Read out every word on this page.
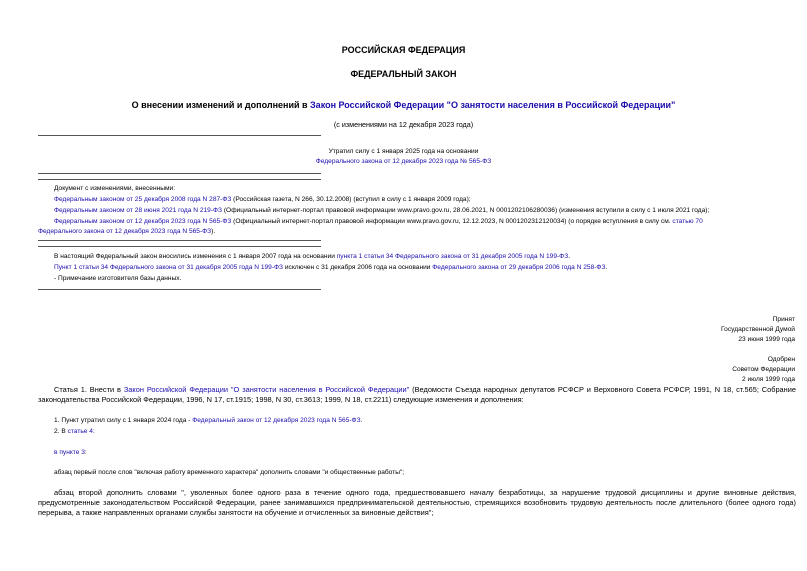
РОССИЙСКАЯ ФЕДЕРАЦИЯ
ФЕДЕРАЛЬНЫЙ ЗАКОН
О внесении изменений и дополнений в Закон Российской Федерации "О занятости населения в Российской Федерации"
(с изменениями на 12 декабря 2023 года)
Утратил силу с 1 января 2025 года на основании
Федерального закона от 12 декабря 2023 года № 565-ФЗ
Документ с изменениями, внесенными:
Федеральным законом от 25 декабря 2008 года N 287-ФЗ (Российская газета, N 266, 30.12.2008) (вступил в силу с 1 января 2009 года);
Федеральным законом от 28 июня 2021 года N 219-ФЗ (Официальный интернет-портал правовой информации www.pravo.gov.ru, 28.06.2021, N 0001202106280036) (изменения вступили в силу с 1 июля 2021 года);
Федеральным законом от 12 декабря 2023 года N 565-ФЗ (Официальный интернет-портал правовой информации www.pravo.gov.ru, 12.12.2023, N 0001202312120034) (о порядке вступления в силу см. статью 70
Федерального закона от 12 декабря 2023 года N 565-ФЗ).
В настоящий Федеральный закон вносились изменения с 1 января 2007 года на основании пункта 1 статьи 34 Федерального закона от 31 декабря 2005 года N 199-ФЗ.
Пункт 1 статьи 34 Федерального закона от 31 декабря 2005 года N 199-ФЗ исключен с 31 декабря 2006 года на основании Федерального закона от 29 декабря 2006 года N 258-ФЗ.
- Примечание изготовителя базы данных.
Принят
Государственной Думой
23 июня 1999 года
Одобрен
Советом Федерации
2 июля 1999 года
Статья 1. Внести в Закон Российской Федерации "О занятости населения в Российской Федерации" (Ведомости Съезда народных депутатов РСФСР и Верховного Совета РСФСР, 1991, N 18, ст.565; Собрание законодательства Российской Федерации, 1996, N 17, ст.1915; 1998, N 30, ст.3613; 1999, N 18, ст.2211) следующие изменения и дополнения:
1. Пункт утратил силу с 1 января 2024 года - Федеральный закон от 12 декабря 2023 года N 565-ФЗ.
2. В статье 4:
в пункте 3:
абзац первый после слов "включая работу временного характера" дополнить словами "и общественные работы";
абзац второй дополнить словами ", уволенных более одного раза в течение одного года, предшествовавшего началу безработицы, за нарушение трудовой дисциплины и другие виновные действия, предусмотренные законодательством Российской Федерации, ранее занимавшихся предпринимательской деятельностью, стремящихся возобновить трудовую деятельность после длительного (более одного года) перерыва, а также направленных органами службы занятости на обучение и отчисленных за виновные действия";
